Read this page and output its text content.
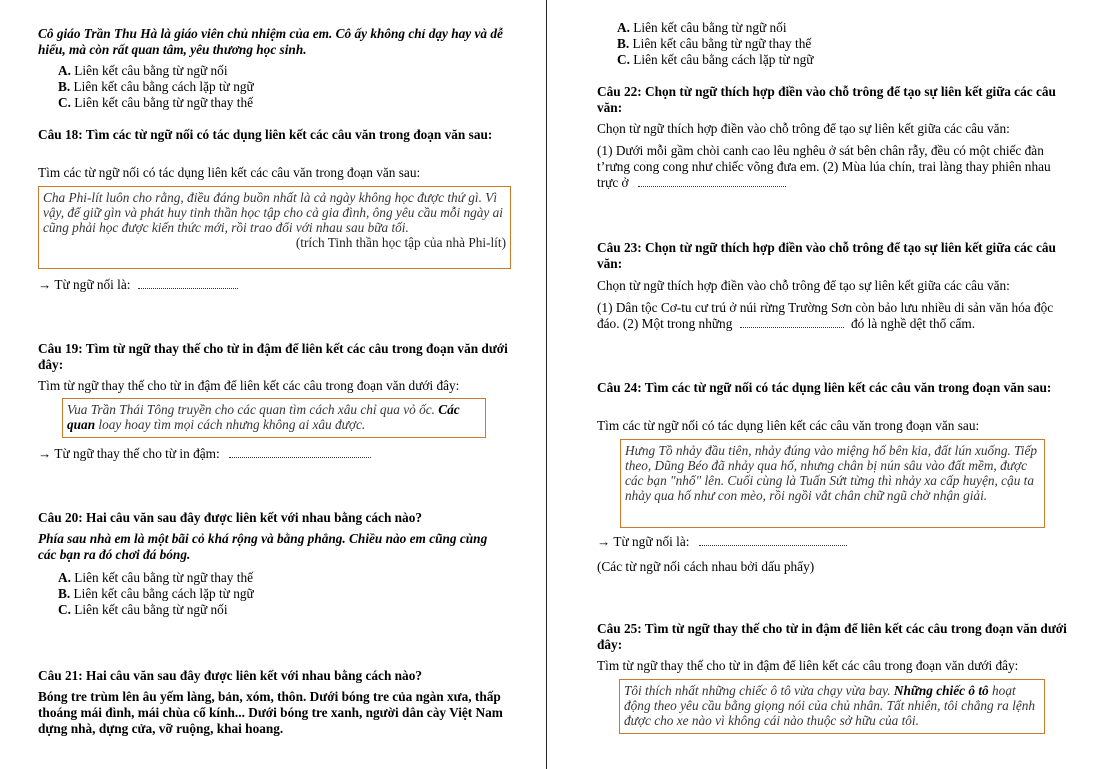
Cô giáo Trần Thu Hà là giáo viên chủ nhiệm của em. Cô ấy không chỉ dạy hay và dễ hiểu, mà còn rất quan tâm, yêu thương học sinh.
A. Liên kết câu bằng từ ngữ nối
B. Liên kết câu bằng cách lặp từ ngữ
C. Liên kết câu bằng từ ngữ thay thế
Câu 18: Tìm các từ ngữ nối có tác dụng liên kết các câu văn trong đoạn văn sau:
Tìm các từ ngữ nối có tác dụng liên kết các câu văn trong đoạn văn sau:
Cha Phi-lít luôn cho rằng, điều đáng buồn nhất là cả ngày không học được thứ gì. Vì vậy, để giữ gìn và phát huy tinh thần học tập cho cả gia đình, ông yêu cầu mỗi ngày ai cũng phải học được kiến thức mới, rồi trao đổi với nhau sau bữa tối.
(trích Tinh thần học tập của nhà Phi-lít)
→ Từ ngữ nối là:
Câu 19: Tìm từ ngữ thay thế cho từ in đậm để liên kết các câu trong đoạn văn dưới đây:
Tìm từ ngữ thay thế cho từ in đậm để liên kết các câu trong đoạn văn dưới đây:
Vua Trần Thái Tông truyền cho các quan tìm cách xâu chỉ qua vỏ ốc. Các quan loay hoay tìm mọi cách nhưng không ai xâu được.
→ Từ ngữ thay thế cho từ in đậm:
Câu 20: Hai câu văn sau đây được liên kết với nhau bằng cách nào?
Phía sau nhà em là một bãi cỏ khá rộng và bằng phẳng. Chiều nào em cũng cùng các bạn ra đó chơi đá bóng.
A. Liên kết câu bằng từ ngữ thay thế
B. Liên kết câu bằng cách lặp từ ngữ
C. Liên kết câu bằng từ ngữ nối
Câu 21: Hai câu văn sau đây được liên kết với nhau bằng cách nào?
Bóng tre trùm lên âu yếm làng, bản, xóm, thôn. Dưới bóng tre của ngàn xưa, thấp thoáng mái đình, mái chùa cổ kính... Dưới bóng tre xanh, người dân cày Việt Nam dựng nhà, dựng cửa, vỡ ruộng, khai hoang.
A. Liên kết câu bằng từ ngữ nối
B. Liên kết câu bằng từ ngữ thay thế
C. Liên kết câu bằng cách lặp từ ngữ
Câu 22: Chọn từ ngữ thích hợp điền vào chỗ trông để tạo sự liên kết giữa các câu văn:
Chọn từ ngữ thích hợp điền vào chỗ trông để tạo sự liên kết giữa các câu văn:
(1) Dưới mỗi gầm chòi canh cao lêu nghêu ở sát bên chân rẫy, đều có một chiếc đàn t’rưng cong cong như chiếc võng đưa em. (2) Mùa lúa chín, trai làng thay phiên nhau trực ở
Câu 23: Chọn từ ngữ thích hợp điền vào chỗ trông để tạo sự liên kết giữa các câu văn:
Chọn từ ngữ thích hợp điền vào chỗ trông để tạo sự liên kết giữa các câu văn:
(1) Dân tộc Cơ-tu cư trú ở núi rừng Trường Sơn còn bảo lưu nhiều di sản văn hóa độc đáo. (2) Một trong những	đó là nghề dệt thổ cẩm.
Câu 24: Tìm các từ ngữ nối có tác dụng liên kết các câu văn trong đoạn văn sau:
Tìm các từ ngữ nối có tác dụng liên kết các câu văn trong đoạn văn sau:
Hưng Tồ nhảy đầu tiên, nhảy đúng vào miệng hố bên kia, đất lún xuống. Tiếp theo, Dũng Béo đã nhảy qua hố, nhưng chân bị nún sâu vào đất mềm, được các bạn "nhổ" lên. Cuối cùng là Tuấn Sứt từng thì nhảy xa cấp huyện, cậu ta nhảy qua hố như con mèo, rồi ngồi vắt chân chữ ngũ chờ nhận giải.
→ Từ ngữ nối là:
(Các từ ngữ nối cách nhau bởi dấu phẩy)
Câu 25: Tìm từ ngữ thay thế cho từ in đậm để liên kết các câu trong đoạn văn dưới đây:
Tìm từ ngữ thay thế cho từ in đậm để liên kết các câu trong đoạn văn dưới đây:
Tôi thích nhất những chiếc ô tô vừa chạy vừa bay. Những chiếc ô tô hoạt động theo yêu cầu bằng giọng nói của chủ nhân. Tất nhiên, tôi chẳng ra lệnh được cho xe nào vì không cái nào thuộc sở hữu của tôi.
